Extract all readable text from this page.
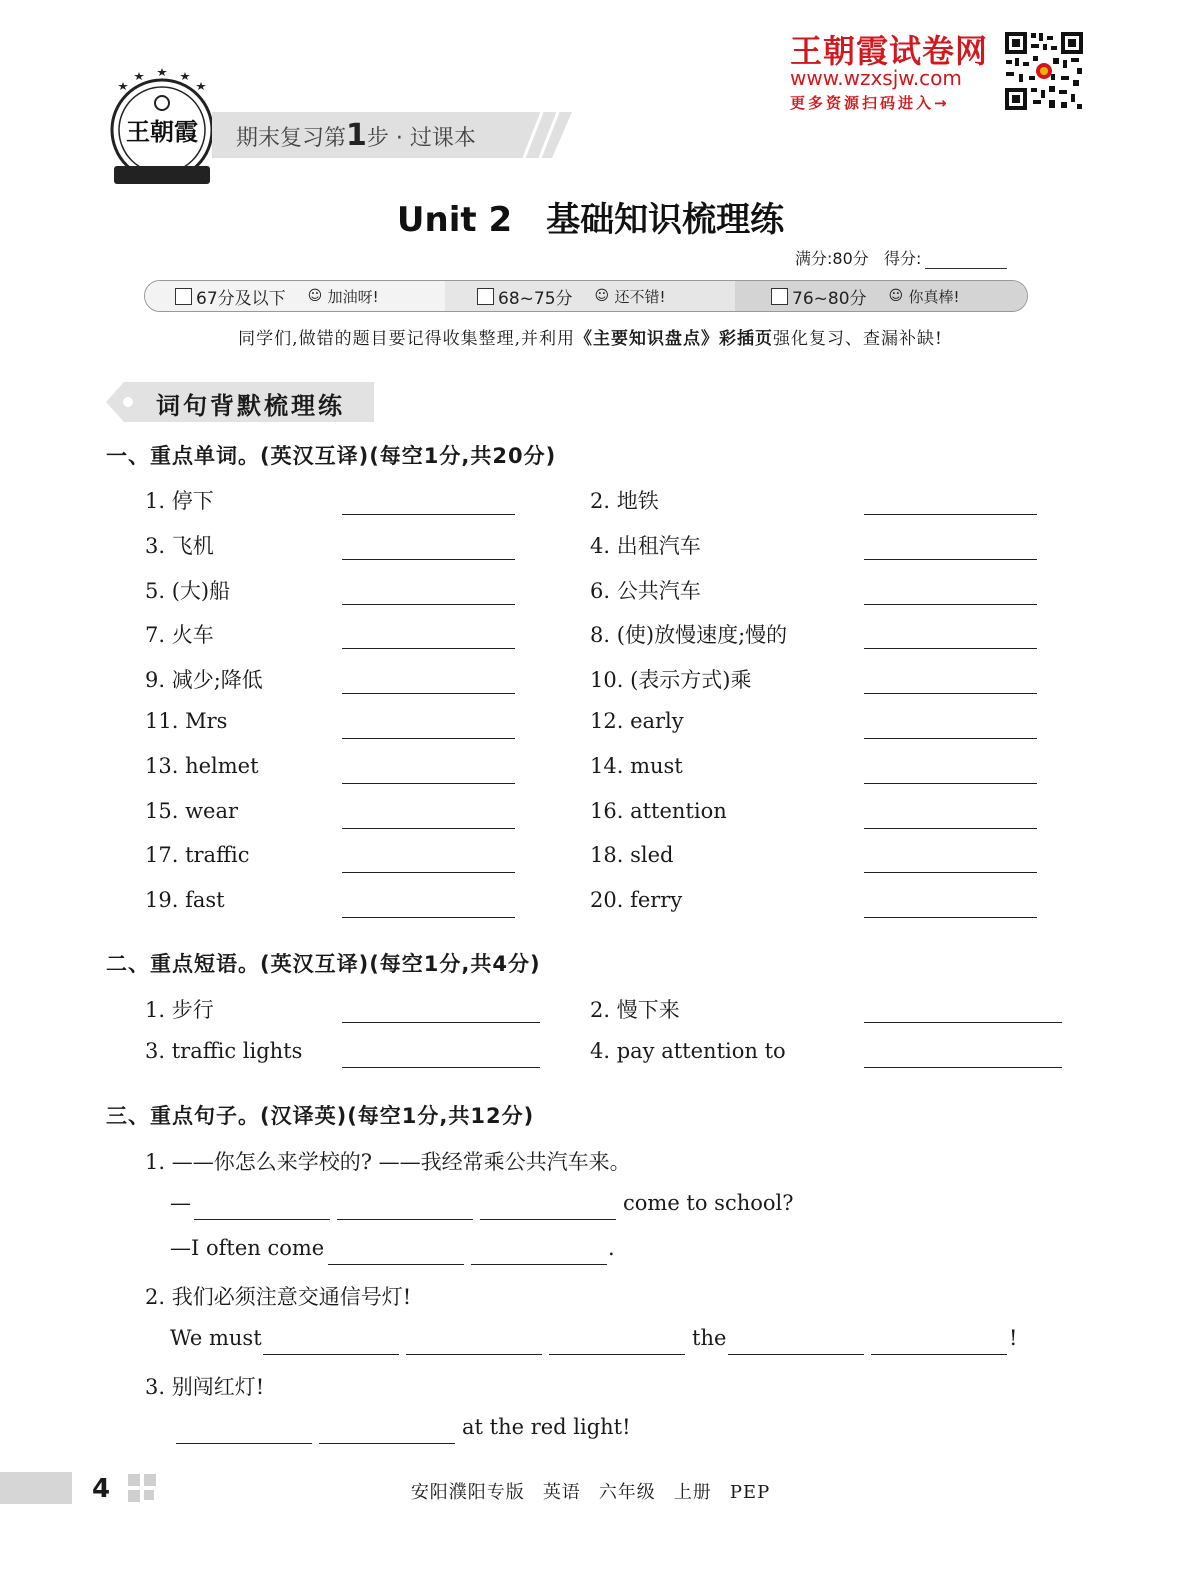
王朝霞试卷网
www.wzxsjw.com
更多资源扫码进入→
王朝霞 期末复习第1步 · 过课本
Unit 2 基础知识梳理练
满分:80分 得分:
67分及以下 ☺ 加油呀!	68~75分 ☺ 还不错!	76~80分 ☺ 你真棒!
同学们,做错的题目要记得收集整理,并利用《主要知识盘点》彩插页强化复习、查漏补缺!
词句背默梳理练
一、重点单词。(英汉互译)(每空1分,共20分)
1. 停下	2. 地铁
3. 飞机	4. 出租汽车
5. (大)船	6. 公共汽车
7. 火车	8. (使)放慢速度;慢的
9. 减少;降低	10. (表示方式)乘
11. Mrs	12. early
13. helmet	14. must
15. wear	16. attention
17. traffic	18. sled
19. fast	20. ferry
二、重点短语。(英汉互译)(每空1分,共4分)
1. 步行	2. 慢下来
3. traffic lights	4. pay attention to
三、重点句子。(汉译英)(每空1分,共12分)
1. ——你怎么来学校的? ——我经常乘公共汽车来。
—	come to school?
—I often come	.
2. 我们必须注意交通信号灯!
We must	the	!
3. 别闯红灯!
at the red light!
4	安阳濮阳专版 英语 六年级 上册 PEP
